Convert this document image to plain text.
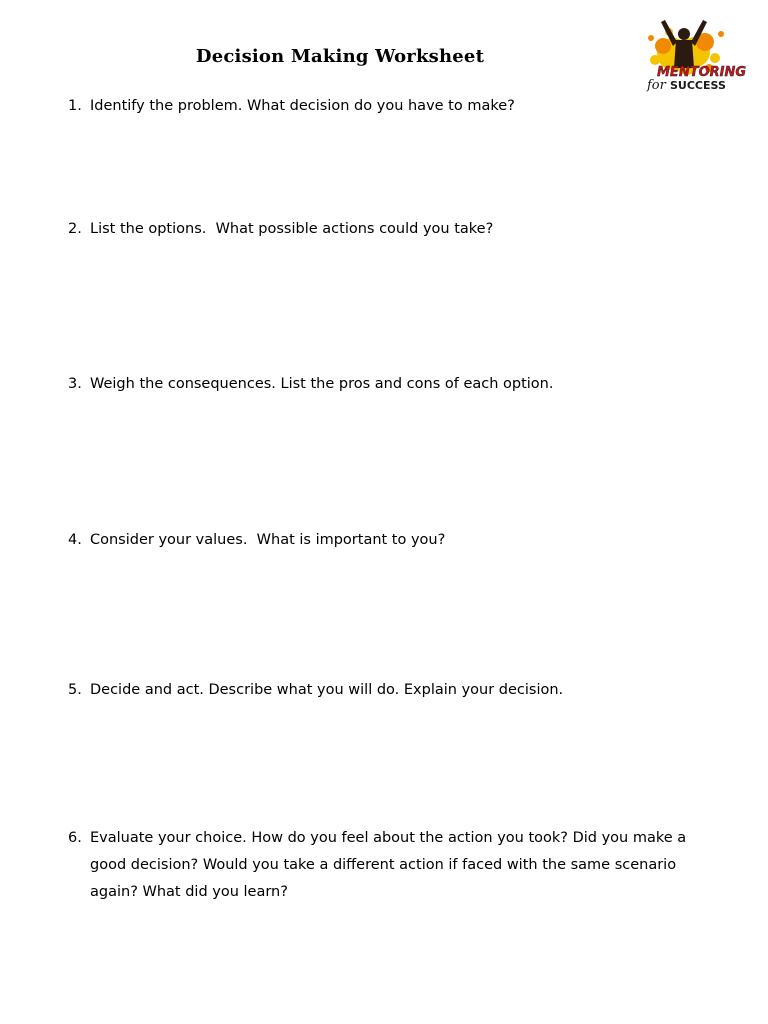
Decision Making Worksheet
MENTORING
for SUCCESS
1. Identify the problem. What decision do you have to make?
2. List the options.  What possible actions could you take?
3. Weigh the consequences. List the pros and cons of each option.
4. Consider your values.  What is important to you?
5. Decide and act. Describe what you will do. Explain your decision.
6. Evaluate your choice. How do you feel about the action you took? Did you make a good decision? Would you take a different action if faced with the same scenario again? What did you learn?
